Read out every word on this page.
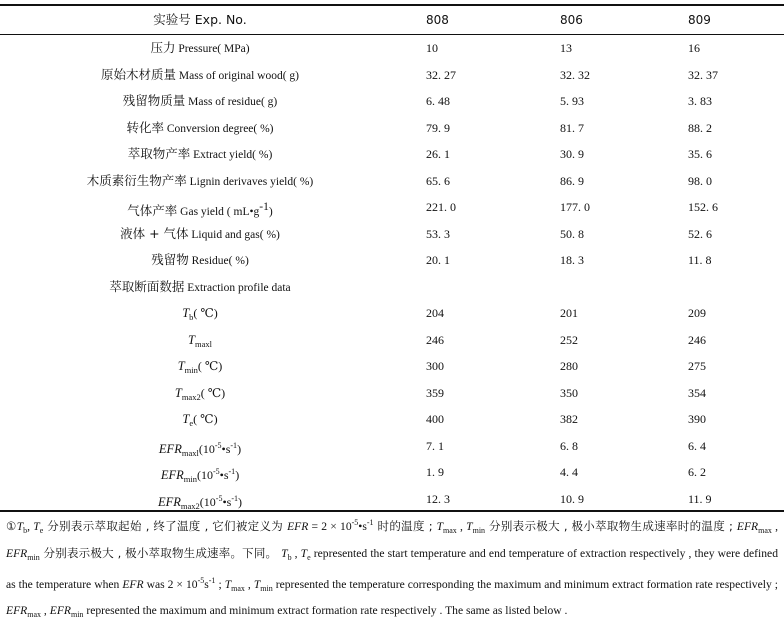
实验号 Exp. No.	808	806	809
压力 Pressure( MPa)	10	13	16
原始木材质量 Mass of original wood( g)	32. 27	32. 32	32. 37
残留物质量 Mass of residue( g)	6. 48	5. 93	3. 83
转化率 Conversion degree( %)	79. 9	81. 7	88. 2
萃取物产率 Extract yield( %)	26. 1	30. 9	35. 6
木质素衍生物产率 Lignin derivaves yield( %)	65. 6	86. 9	98. 0
气体产率 Gas yield ( mL•g-1)	221. 0	177. 0	152. 6
液体 + 气体 Liquid and gas( %)	53. 3	50. 8	52. 6
残留物 Residue( %)	20. 1	18. 3	11. 8
萃取断面数据 Extraction profile data
$T_b$( ℃)	204	201	209
$T_{maxl}$	246	252	246
$T_{min}$( ℃)	300	280	275
$T_{max2}$( ℃)	359	350	354
$T_e$( ℃)	400	382	390
$EFR_{maxl}(10^{-5}•s^{-1})$	7. 1	6. 8	6. 4
$EFR_{min}(10^{-5}•s^{-1})$	1. 9	4. 4	6. 2
$EFR_{max2}(10^{-5}•s^{-1})$	12. 3	10. 9	11. 9
$①T_b$, $T_e$ 分别表示萃取起始 , 终了温度 , 它们被定义为 EFR = $2 \times 10^{-5}•s^{-1}$ 时的温度 ; $T_{max}$ , $T_{min}$ 分别表示极大 , 极小萃取物生成速率时的温度 ; $EFR_{max}$ , $EFR_{min}$ 分别表示极大 , 极小萃取物生成速率。下同。 $T_b$ , $T_e$ represented the start temperature and end temperature of extraction respectively , they were defined as the temperature when EFR was $2 \times 10^{-5}s^{-1}$ ; $T_{max}$ , $T_{min}$ represented the temperature corresponding the maximum and minimum extract formation rate respectively ; $EFR_{max}$ , $EFR_{min}$ represented the maximum and minimum extract formation rate respectively . The same as listed below .
